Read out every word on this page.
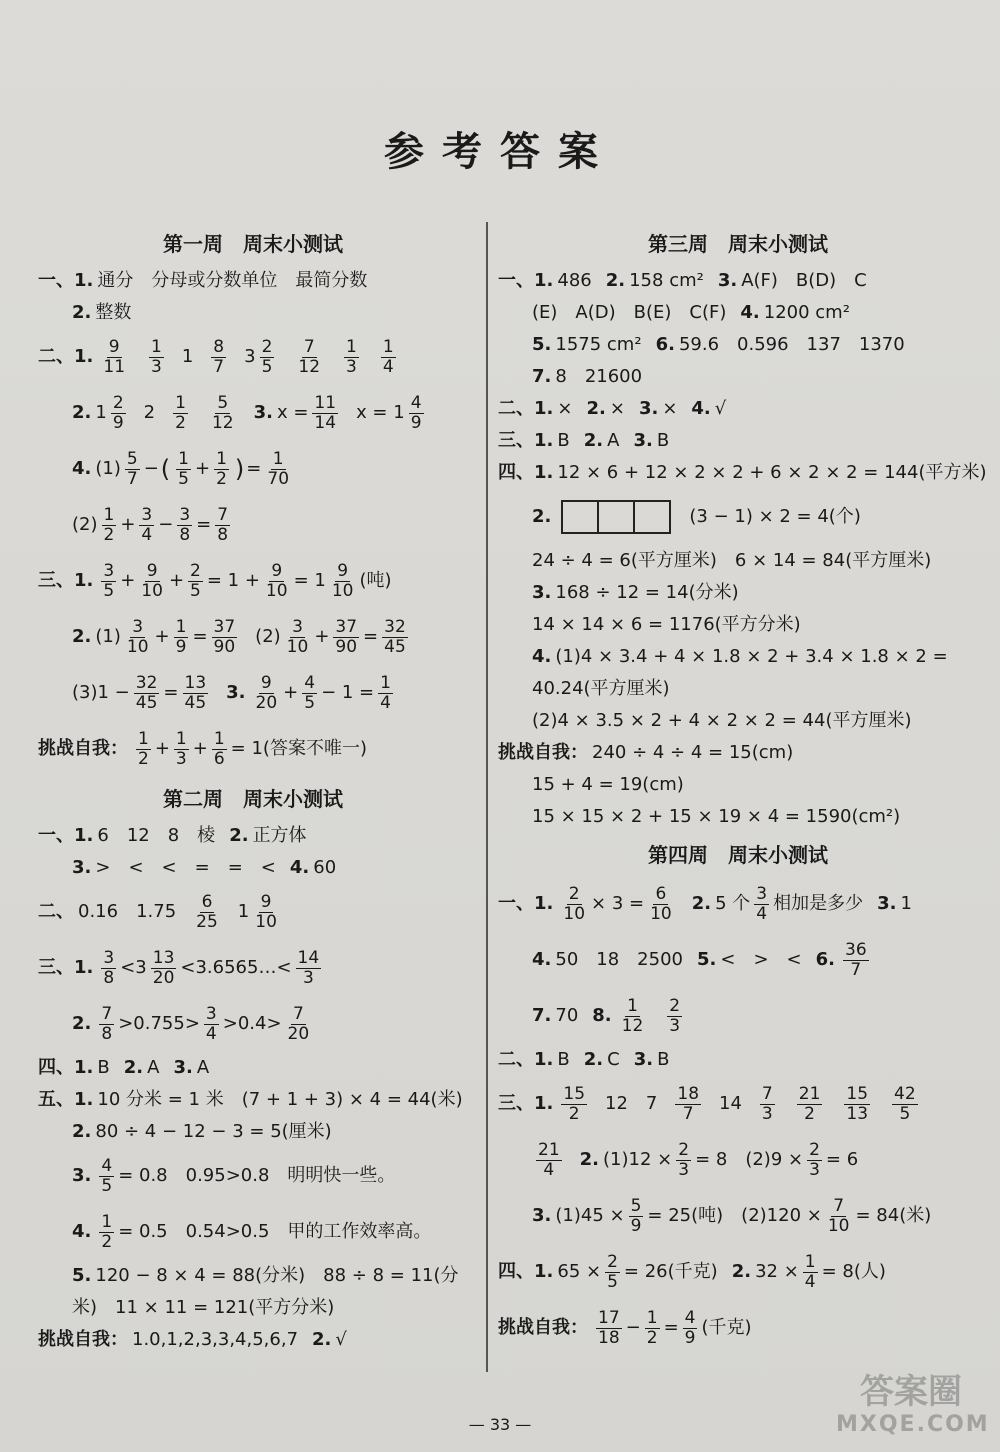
参考答案
第一周　周末小测试
一、1. 通分　分母或分数单位　最简分数
2. 整数
二、1. $\frac{9}{11} \frac{1}{3} 1 \frac{8}{7} 3 \frac{2}{5} \frac{7}{12} \frac{1}{3} \frac{1}{4}$
2. $1 \frac{2}{9} 2 \frac{1}{2} \frac{5}{12} 3$. $x = \frac{11}{14}$ $x = 1 \frac{4}{9}$
4. $(1) \frac{5}{7}$ − ( $\frac{1}{5} + \frac{1}{2}$ ) = $\frac{1}{70}$
$(2) \frac{1}{2} + \frac{3}{4} - \frac{3}{8} = \frac{7}{8}$
三、1. $\frac{3}{5} + \frac{9}{10} + \frac{2}{5} = 1 + \frac{9}{10} = 1 \frac{9}{10}$ (吨)
2. $(1) \frac{3}{10} + \frac{1}{9} = \frac{37}{90} (2) \frac{3}{10} + \frac{37}{90} = \frac{32}{45}$
$(3)1 - \frac{32}{45} = \frac{13}{45} 3$. $\frac{9}{20} + \frac{4}{5} - 1 = \frac{1}{4}$
挑战自我： $\frac{1}{2} + \frac{1}{3} + \frac{1}{6} = 1$(答案不唯一)
第二周　周末小测试
一、1. 6　12　8　棱 2. 正方体
3. >　<　<　=　=　< 4. 60
二、 0.16　$1.75 \frac{6}{25} 1 \frac{9}{10}$
三、1. $\frac{3}{8} <3 \frac{13}{20}$ <3.6565…< $\frac{14}{3}$
2. $\frac{7}{8} >0.755> \frac{3}{4} >0.4> \frac{7}{20}$
四、1. B 2. A 3. A
五、1. 10 分米 = 1 米　(7 + 1 + 3) × 4 = 44(米)
2. 80 ÷ 4 − 12 − 3 = 5(厘米)
3. $\frac{4}{5} = 0.8$　0.95>0.8　明明快一些。
4. $\frac{1}{2} = 0.5$　0.54>0.5　甲的工作效率高。
5. 120 − 8 × 4 = 88(分米)　88 ÷ 8 = 11(分
米)　11 × 11 = 121(平方分米)
挑战自我： 1.0,1,2,3,3,4,5,6,7 2. √
第三周　周末小测试
一、1. 486 2. 158 cm² 3. A(F)　B(D)　C
(E)　A(D)　B(E)　C(F) 4. 1200 cm²
5. 1575 cm² 6. 59.6　0.596　137　1370
7. 8　21600
二、1. × 2. × 3. × 4. √
三、1. B 2. A 3. B
四、1. 12 × 6 + 12 × 2 × 2 + 6 × 2 × 2 = 144(平方米)
2.	(3 − 1) × 2 = 4(个)
24 ÷ 4 = 6(平方厘米)　6 × 14 = 84(平方厘米)
3. 168 ÷ 12 = 14(分米)
14 × 14 × 6 = 1176(平方分米)
4. (1)4 × 3.4 + 4 × 1.8 × 2 + 3.4 × 1.8 × 2 =
40.24(平方厘米)
(2)4 × 3.5 × 2 + 4 × 2 × 2 = 44(平方厘米)
挑战自我： 240 ÷ 4 ÷ 4 = 15(cm)
15 + 4 = 19(cm)
15 × 15 × 2 + 15 × 19 × 4 = 1590(cm²)
第四周　周末小测试
一、1. $\frac{2}{10} \times 3 = \frac{6}{10} 2$. 5 个 $\frac{3}{4}$ 相加是多少 3. 1
4. 50　18　2500 5. <　>　< 6. $\frac{36}{7}$
7. 70 8. $\frac{1}{12} \frac{2}{3}$
二、1. B 2. C 3. B
三、1. $\frac{15}{2} 12$　$7 \frac{18}{7} 14 \frac{7}{3} \frac{21}{2} \frac{15}{13} \frac{42}{5}$
$\frac{21}{4} 2$. $(1)12 \times \frac{2}{3} = 8$　$(2)9 \times \frac{2}{3} = 6$
3. $(1)45 \times \frac{5}{9} = 25$(吨)　$(2)120 \times \frac{7}{10} = 84$(米)
四、1. $65 \times \frac{2}{5} = 26$(千克) 2. $32 \times \frac{1}{4} = 8$(人)
挑战自我： $\frac{17}{18} - \frac{1}{2} = \frac{4}{9}$ (千克)
— 33 —
答案圈
MXQE.COM
